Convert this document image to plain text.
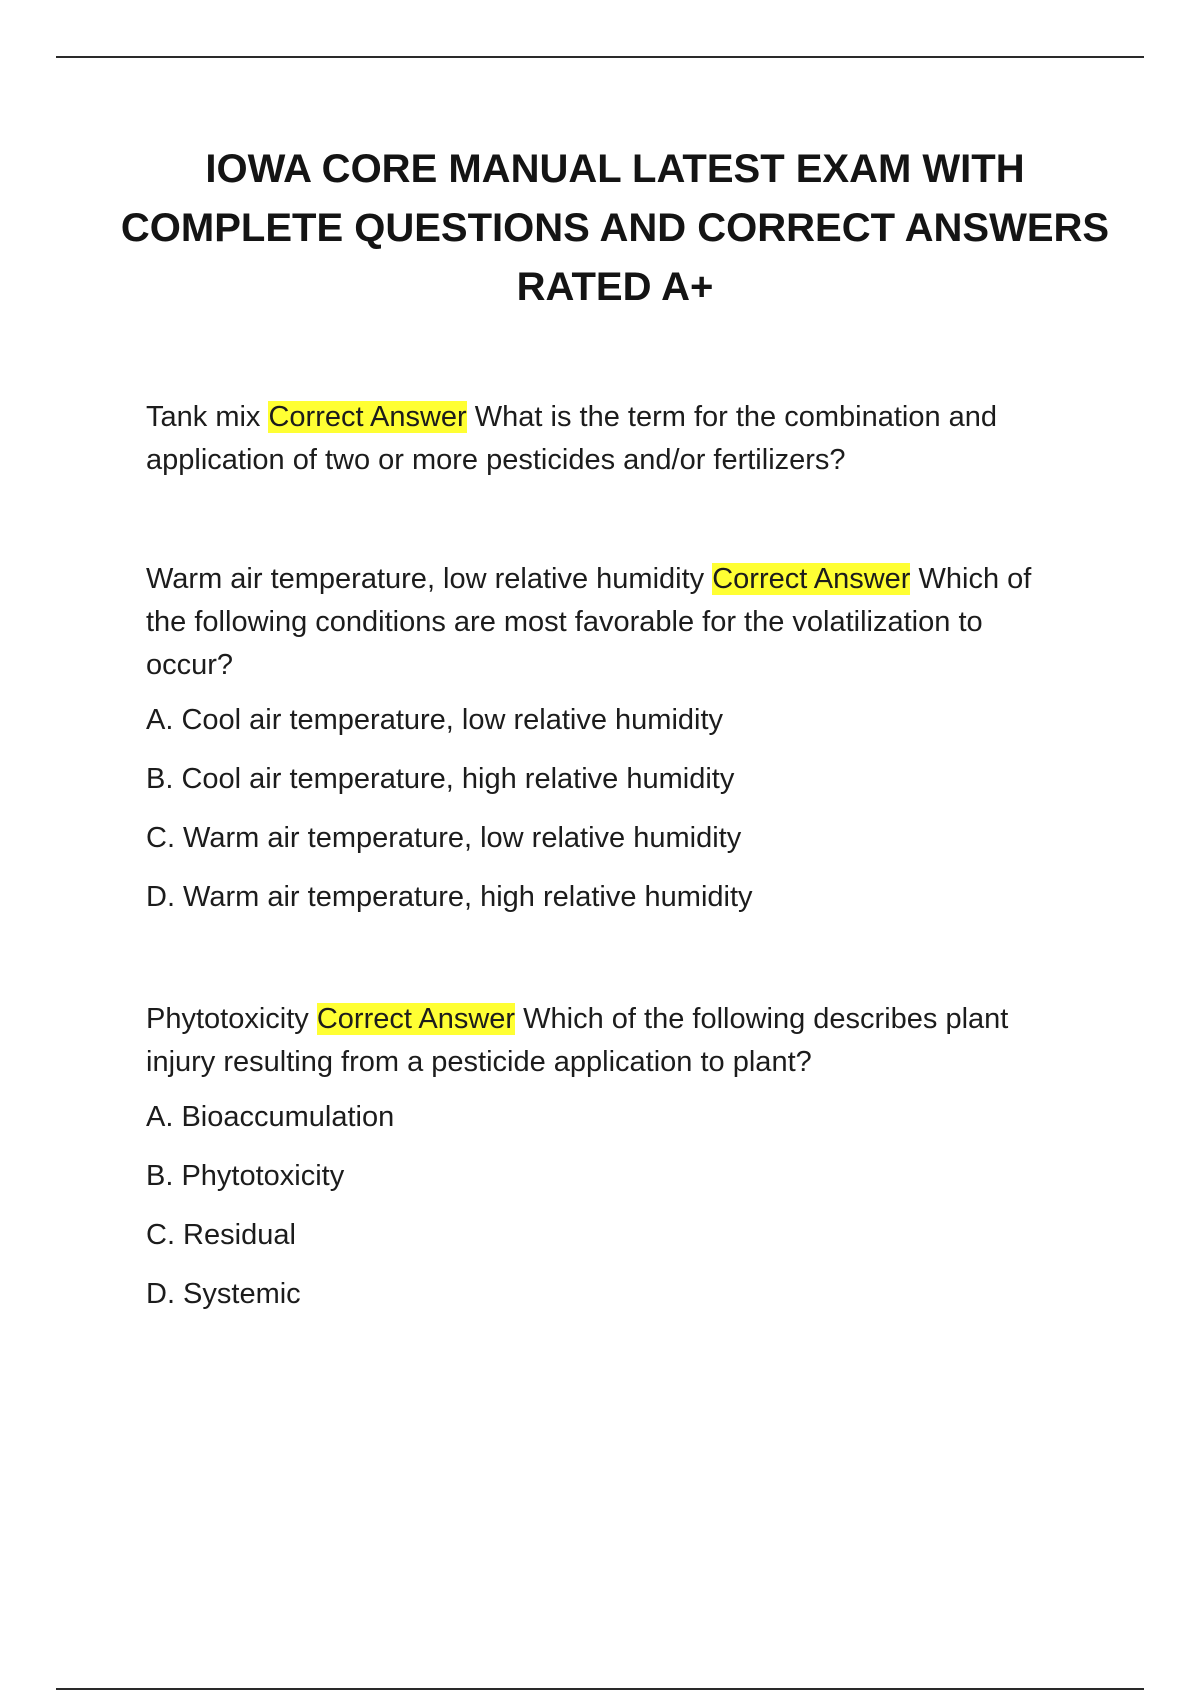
IOWA CORE MANUAL LATEST EXAM WITH COMPLETE QUESTIONS AND CORRECT ANSWERS RATED A+

Tank mix Correct Answer What is the term for the combination and application of two or more pesticides and/or fertilizers?

Warm air temperature, low relative humidity Correct Answer Which of the following conditions are most favorable for the volatilization to occur?

A. Cool air temperature, low relative humidity
B. Cool air temperature, high relative humidity
C. Warm air temperature, low relative humidity
D. Warm air temperature, high relative humidity

Phytotoxicity Correct Answer Which of the following describes plant injury resulting from a pesticide application to plant?

A. Bioaccumulation
B. Phytotoxicity
C. Residual
D. Systemic
